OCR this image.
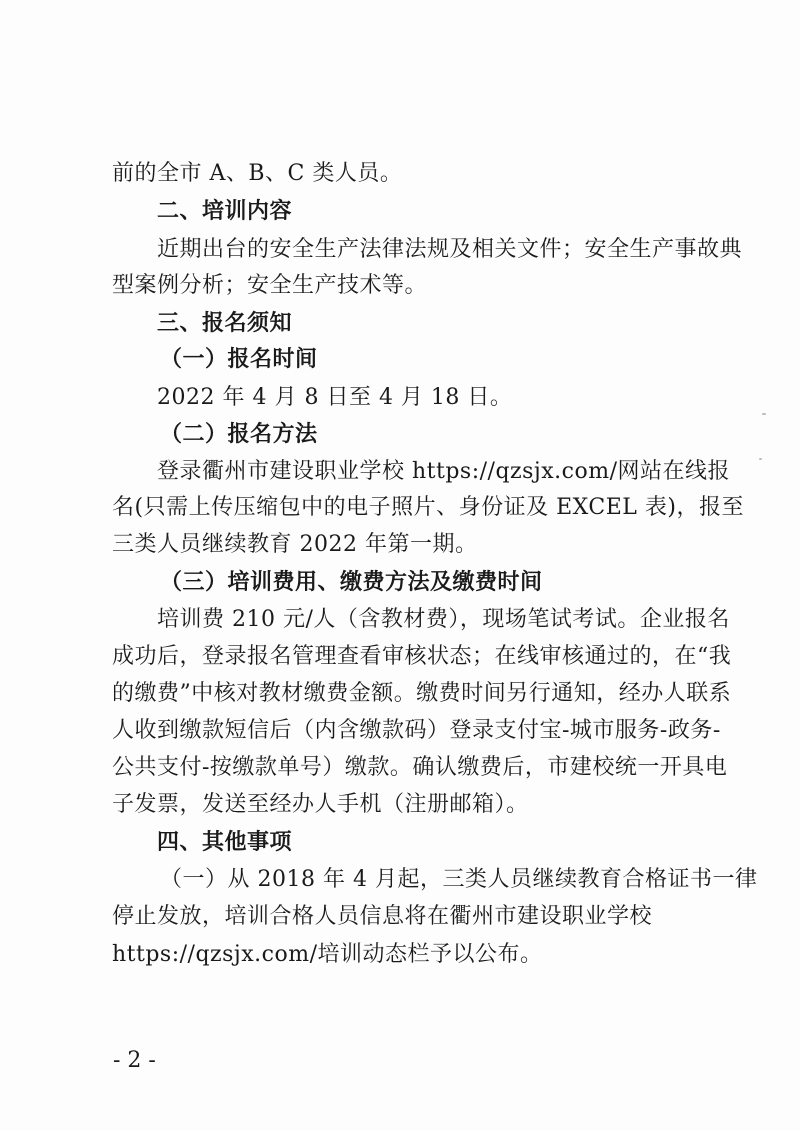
前的全市 A、B、C 类人员。
二、培训内容
近期出台的安全生产法律法规及相关文件；安全生产事故典
型案例分析；安全生产技术等。
三、报名须知
（一）报名时间
2022 年 4 月 8 日至 4 月 18 日。
（二）报名方法
登录衢州市建设职业学校 https://qzsjx.com/网站在线报
名(只需上传压缩包中的电子照片、身份证及 EXCEL 表)，报至
三类人员继续教育 2022 年第一期。
（三）培训费用、缴费方法及缴费时间
培训费 210 元/人（含教材费），现场笔试考试。企业报名
成功后，登录报名管理查看审核状态；在线审核通过的，在“我
的缴费”中核对教材缴费金额。缴费时间另行通知，经办人联系
人收到缴款短信后（内含缴款码）登录支付宝-城市服务-政务-
公共支付-按缴款单号）缴款。确认缴费后，市建校统一开具电
子发票，发送至经办人手机（注册邮箱）。
四、其他事项
（一）从 2018 年 4 月起，三类人员继续教育合格证书一律
停止发放，培训合格人员信息将在衢州市建设职业学校
https://qzsjx.com/培训动态栏予以公布。
- 2 -
